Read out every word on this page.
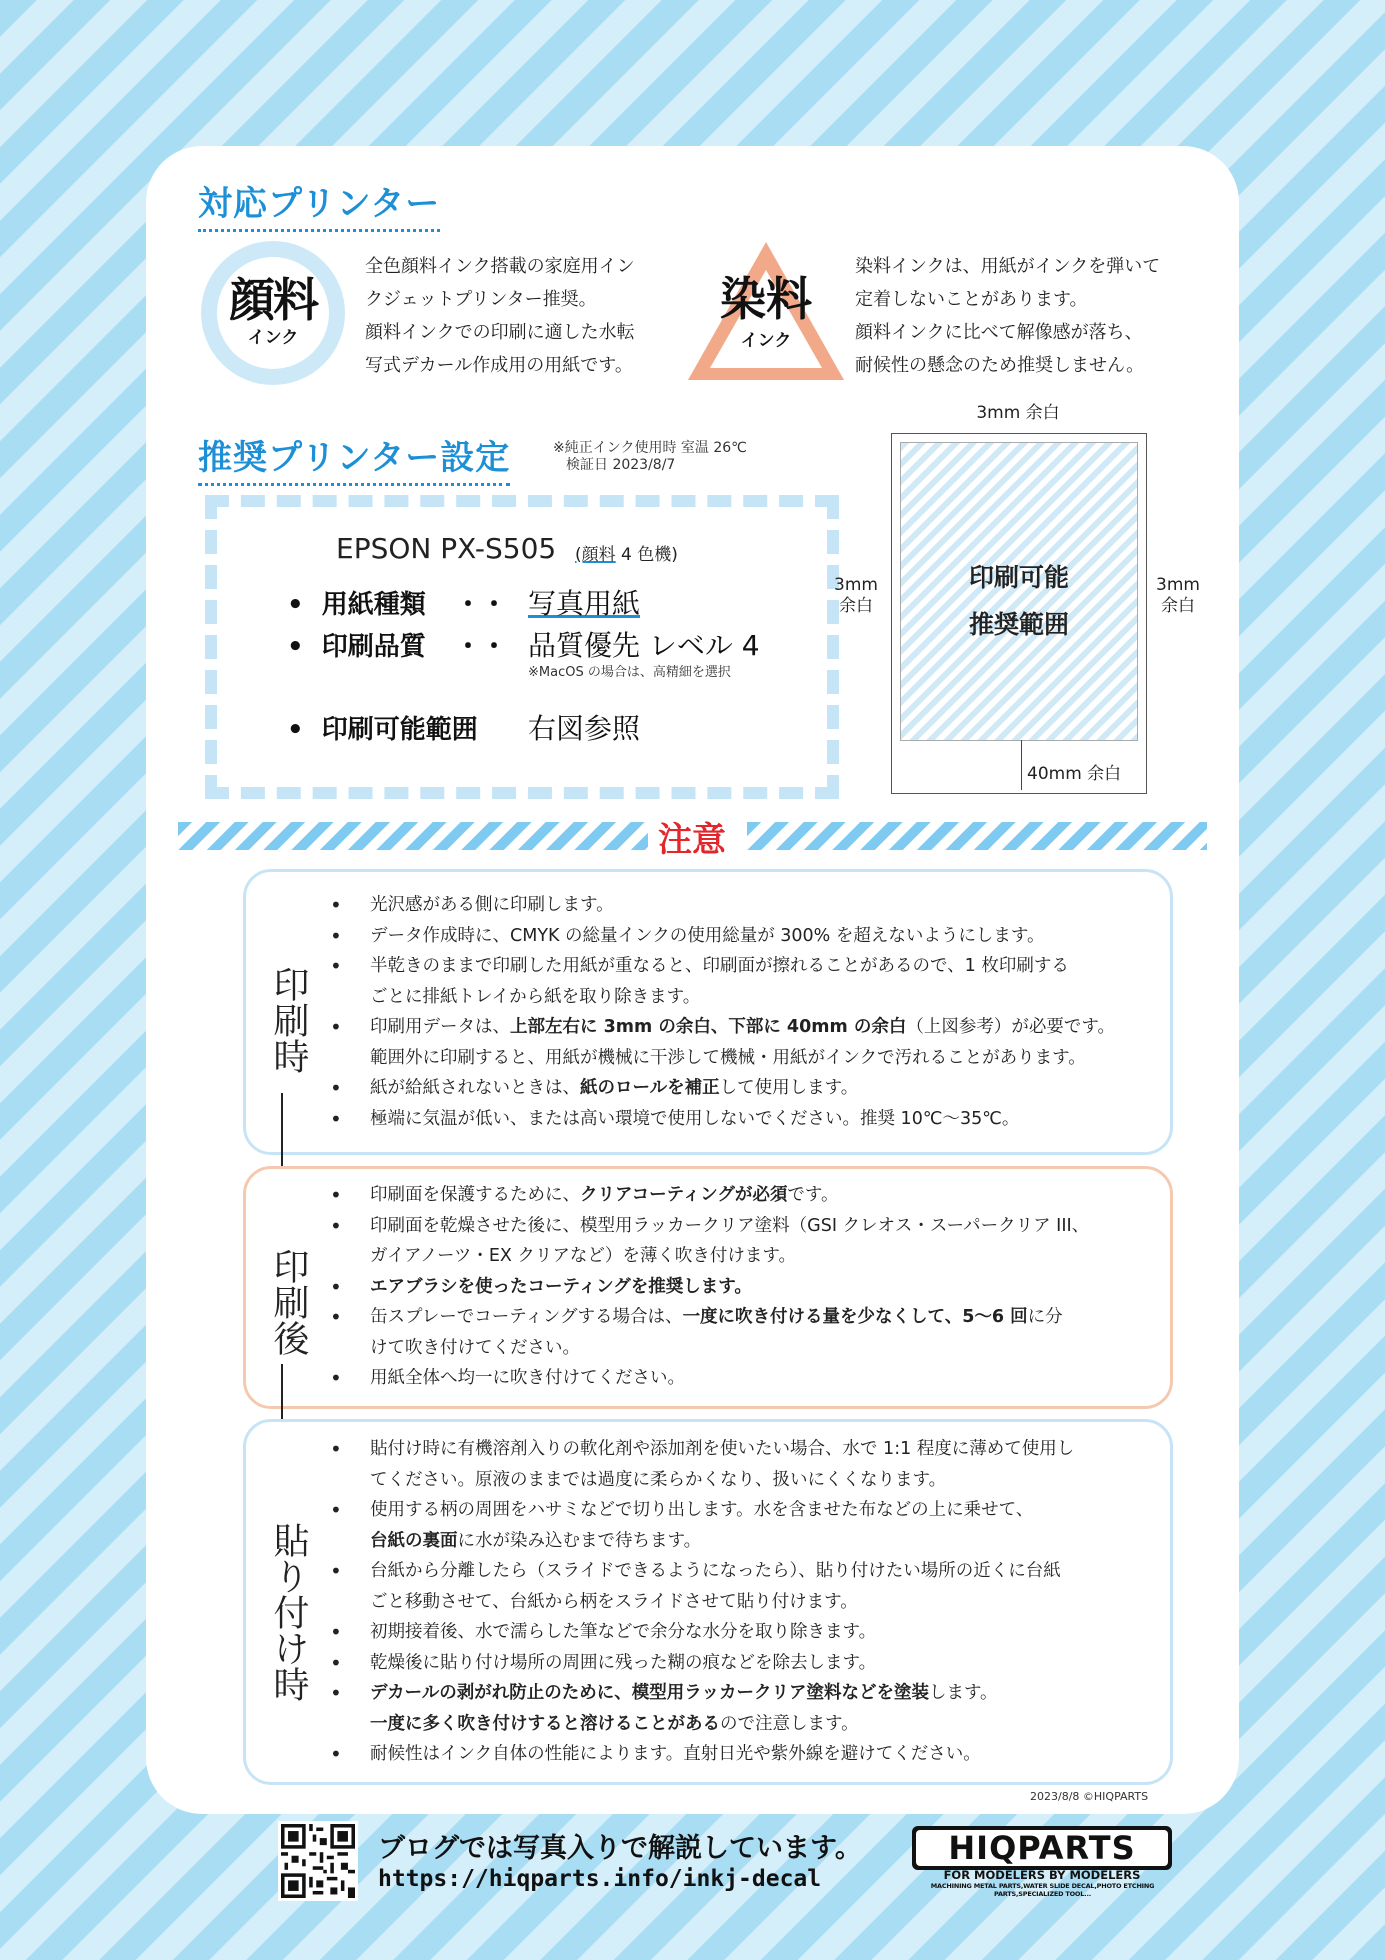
対応プリンター
顔料
インク
全色顔料インク搭載の家庭用イン
クジェットプリンター推奨。
顔料インクでの印刷に適した水転
写式デカール作成用の用紙です。
染料
インク
染料インクは、用紙がインクを弾いて
定着しないことがあります。
顔料インクに比べて解像感が落ち、
耐候性の懸念のため推奨しません。
推奨プリンター設定	※純正インク使用時 室温 26℃
検証日 2023/8/7
EPSON PX-S505 (顔料 4 色機)
•  用紙種類 ・・ 写真用紙
•  印刷品質 ・・ 品質優先 レベル 4
※MacOS の場合は、高精細を選択
•  印刷可能範囲 右図参照
3mm 余白
3mm
余白
3mm
余白
印刷可能
推奨範囲
40mm 余白
注意
印刷時
• 光沢感がある側に印刷します。
• データ作成時に、CMYK の総量インクの使用総量が 300% を超えないようにします。
• 半乾きのままで印刷した用紙が重なると、印刷面が擦れることがあるので、1 枚印刷する
ごとに排紙トレイから紙を取り除きます。
• 印刷用データは、上部左右に 3mm の余白、下部に 40mm の余白（上図参考）が必要です。
範囲外に印刷すると、用紙が機械に干渉して機械・用紙がインクで汚れることがあります。
• 紙が給紙されないときは、紙のロールを補正して使用します。
• 極端に気温が低い、または高い環境で使用しないでください。推奨 10℃～35℃。
印刷後
• 印刷面を保護するために、クリアコーティングが必須です。
• 印刷面を乾燥させた後に、模型用ラッカークリア塗料（GSI クレオス・スーパークリア III、
ガイアノーツ・EX クリアなど）を薄く吹き付けます。
• エアブラシを使ったコーティングを推奨します。
• 缶スプレーでコーティングする場合は、一度に吹き付ける量を少なくして、5～6 回に分
けて吹き付けてください。
• 用紙全体へ均一に吹き付けてください。
貼り付け時
• 貼付け時に有機溶剤入りの軟化剤や添加剤を使いたい場合、水で 1:1 程度に薄めて使用し
てください。原液のままでは過度に柔らかくなり、扱いにくくなります。
• 使用する柄の周囲をハサミなどで切り出します。水を含ませた布などの上に乗せて、
台紙の裏面に水が染み込むまで待ちます。
• 台紙から分離したら（スライドできるようになったら）、貼り付けたい場所の近くに台紙
ごと移動させて、台紙から柄をスライドさせて貼り付けます。
• 初期接着後、水で濡らした筆などで余分な水分を取り除きます。
• 乾燥後に貼り付け場所の周囲に残った糊の痕などを除去します。
• デカールの剥がれ防止のために、模型用ラッカークリア塗料などを塗装します。
一度に多く吹き付けすると溶けることがあるので注意します。
• 耐候性はインク自体の性能によります。直射日光や紫外線を避けてください。
2023/8/8 ©HIQPARTS
ブログでは写真入りで解説しています。
https://hiqparts.info/inkj-decal
HIQPARTS
FOR MODELERS BY MODELERS
MACHINING METAL PARTS,WATER SLIDE DECAL,PHOTO ETCHING PARTS,SPECIALIZED TOOL...
